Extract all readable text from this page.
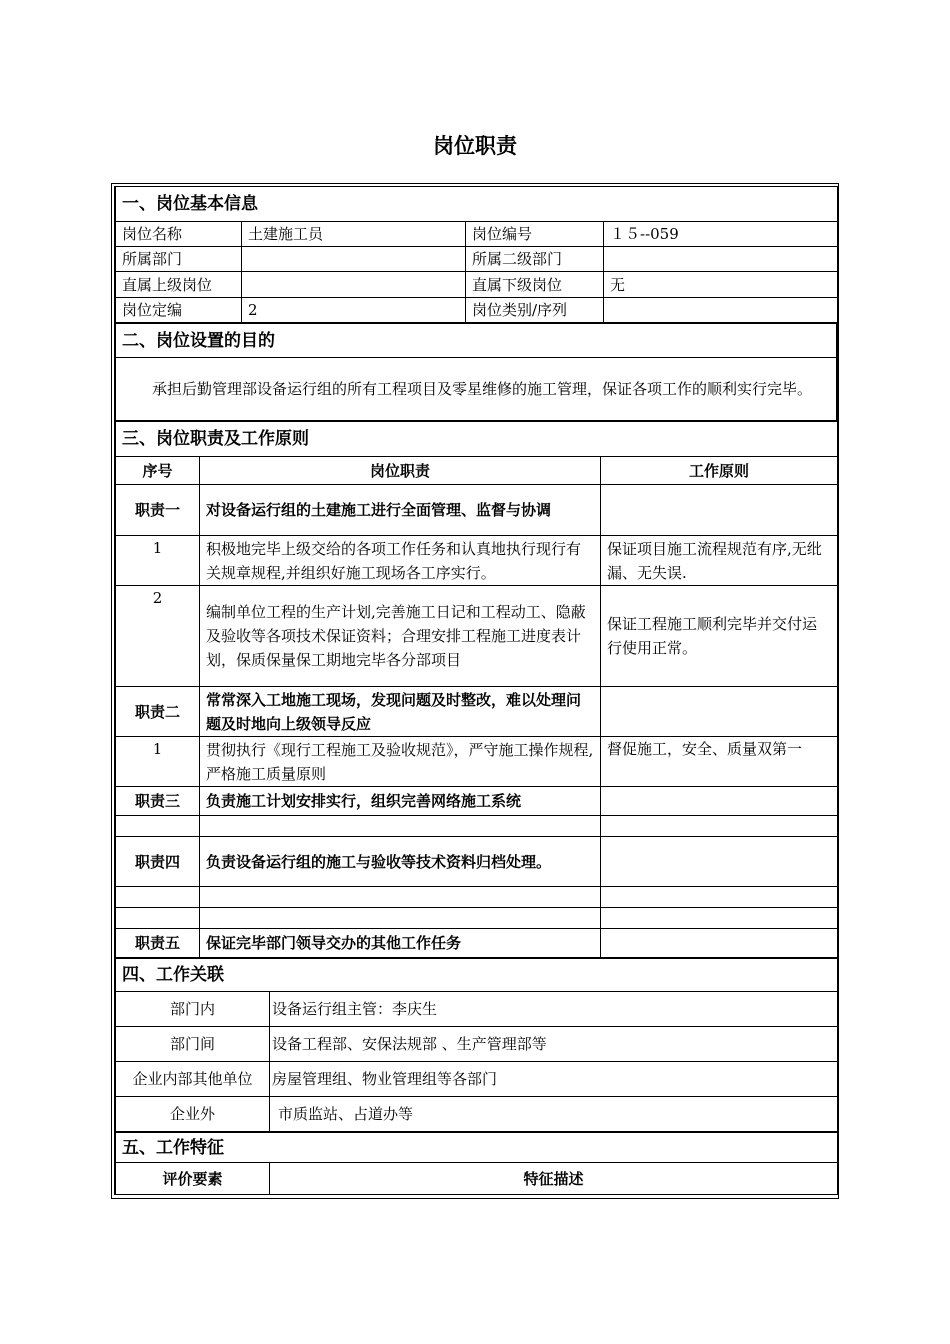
岗位职责
一、岗位基本信息			
岗位名称	土建施工员	岗位编号	１５--059
所属部门		所属二级部门	
直属上级岗位		直属下级岗位	无
岗位定编	2	岗位类别/序列	
二、岗位设置的目的
承担后勤管理部设备运行组的所有工程项目及零星维修的施工管理，保证各项工作的顺利实行完毕。
三、岗位职责及工作原则		
序号	岗位职责	工作原则
职责一	对设备运行组的土建施工进行全面管理、监督与协调	
1	积极地完毕上级交给的各项工作任务和认真地执行现行有关规章规程,并组织好施工现场各工序实行。	保证项目施工流程规范有序,无纰漏、无失误.
2	编制单位工程的生产计划,完善施工日记和工程动工、隐蔽及验收等各项技术保证资料；合理安排工程施工进度表计划，保质保量保工期地完毕各分部项目	保证工程施工顺利完毕并交付运行使用正常。
职责二	常常深入工地施工现场，发现问题及时整改，难以处理问题及时地向上级领导反应	
1	贯彻执行《现行工程施工及验收规范》，严守施工操作规程,严格施工质量原则	督促施工，安全、质量双第一
职责三	负责施工计划安排实行，组织完善网络施工系统	

职责四	负责设备运行组的施工与验收等技术资料归档处理。	

职责五	保证完毕部门领导交办的其他工作任务	
四、工作关联	
部门内	设备运行组主管：李庆生
部门间	设备工程部、安保法规部 、生产管理部等
企业内部其他单位	房屋管理组、物业管理组等各部门
企业外	市质监站、占道办等
五、工作特征
评价要素	特征描述
